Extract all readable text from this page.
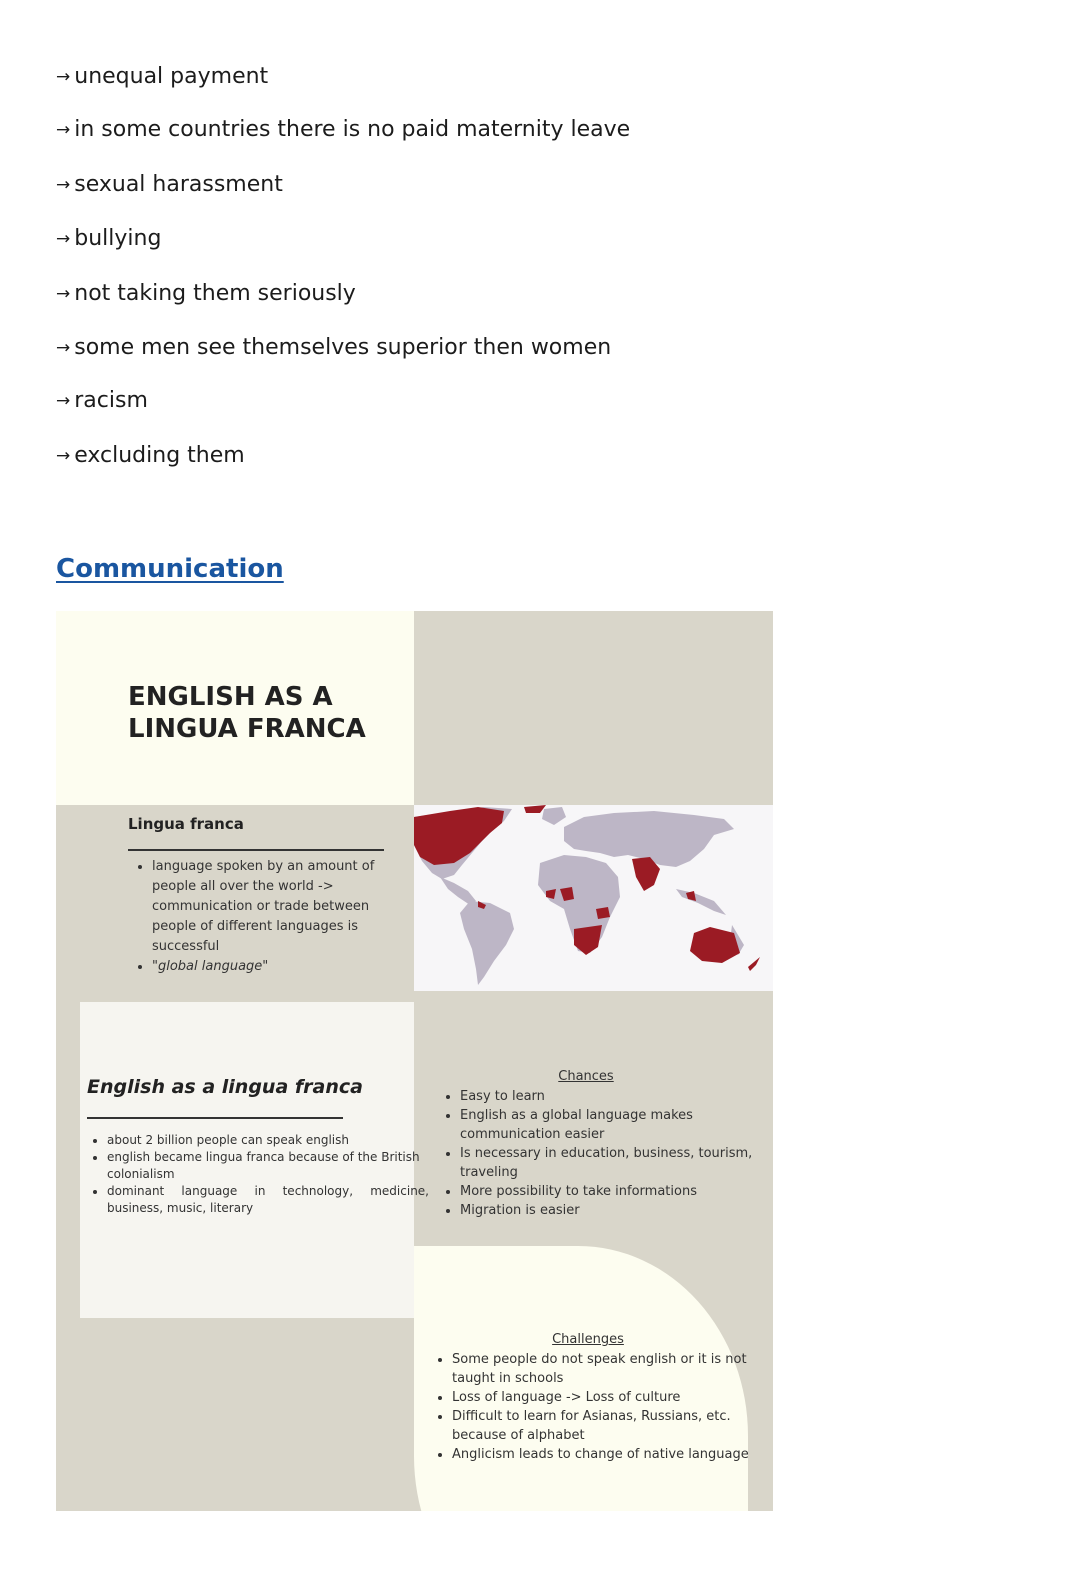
→ unequal payment
→ in some countries there is no paid maternity leave
→ sexual harassment
→ bullying
→ not taking them seriously
→ some men see themselves superior then women
→ racism
→ excluding them
Communication
ENGLISH AS A
LINGUA FRANCA
Lingua franca
• language spoken by an amount of people all over the world -> communication or trade between people of different languages is successful
• "global language"
English as a lingua franca
• about 2 billion people can speak english
• english became lingua franca because of the British colonialism
• dominant language in technology, medicine, business, music, literary
Chances
• Easy to learn
• English as a global language makes communication easier
• Is necessary in education, business, tourism, traveling
• More possibility to take informations
• Migration is easier
Challenges
• Some people do not speak english or it is not taught in schools
• Loss of language -> Loss of culture
• Difficult to learn for Asianas, Russians, etc. because of alphabet
• Anglicism leads to change of native language
